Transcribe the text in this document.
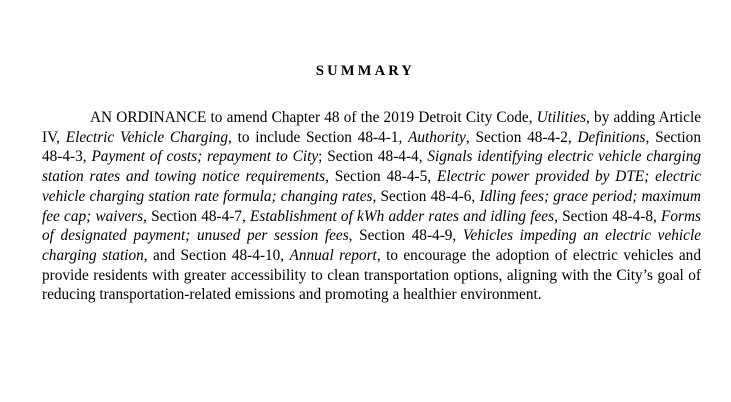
SUMMARY

AN ORDINANCE to amend Chapter 48 of the 2019 Detroit City Code, Utilities, by adding Article IV, Electric Vehicle Charging, to include Section 48-4-1, Authority, Section 48-4-2, Definitions, Section 48-4-3, Payment of costs; repayment to City; Section 48-4-4, Signals identifying electric vehicle charging station rates and towing notice requirements, Section 48-4-5, Electric power provided by DTE; electric vehicle charging station rate formula; changing rates, Section 48-4-6, Idling fees; grace period; maximum fee cap; waivers, Section 48-4-7, Establishment of kWh adder rates and idling fees, Section 48-4-8, Forms of designated payment; unused per session fees, Section 48-4-9, Vehicles impeding an electric vehicle charging station, and Section 48-4-10, Annual report, to encourage the adoption of electric vehicles and provide residents with greater accessibility to clean transportation options, aligning with the City’s goal of reducing transportation-related emissions and promoting a healthier environment.
